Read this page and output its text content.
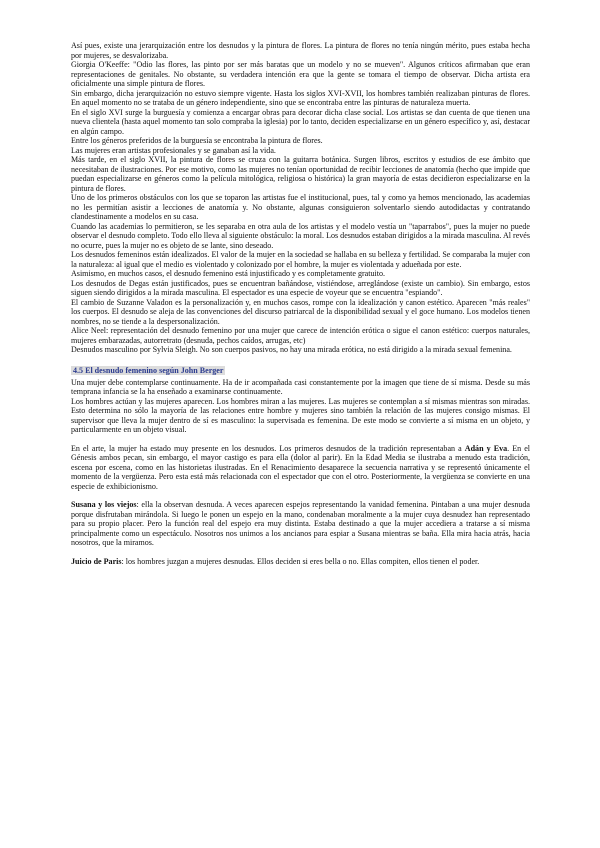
Así pues, existe una jerarquización entre los desnudos y la pintura de flores. La pintura de flores no tenía ningún mérito, pues estaba hecha por mujeres, se desvalorizaba.

Giorgia O'Keeffe: "Odio las flores, las pinto por ser más baratas que un modelo y no se mueven". Algunos críticos afirmaban que eran representaciones de genitales. No obstante, su verdadera intención era que la gente se tomara el tiempo de observar. Dicha artista era oficialmente una simple pintura de flores.

Sin embargo, dicha jerarquización no estuvo siempre vigente. Hasta los siglos XVI-XVII, los hombres también realizaban pinturas de flores. En aquel momento no se trataba de un género independiente, sino que se encontraba entre las pinturas de naturaleza muerta.

En el siglo XVI surge la burguesía y comienza a encargar obras para decorar dicha clase social. Los artistas se dan cuenta de que tienen una nueva clientela (hasta aquel momento tan solo compraba la iglesia) por lo tanto, deciden especializarse en un género específico y, así, destacar en algún campo.

Entre los géneros preferidos de la burguesía se encontraba la pintura de flores.

Las mujeres eran artistas profesionales y se ganaban así la vida.

Más tarde, en el siglo XVII, la pintura de flores se cruza con la guitarra botánica. Surgen libros, escritos y estudios de ese ámbito que necesitaban de ilustraciones. Por ese motivo, como las mujeres no tenían oportunidad de recibir lecciones de anatomía (hecho que impide que puedan especializarse en géneros como la película mitológica, religiosa o histórica) la gran mayoría de estas decidieron especializarse en la pintura de flores.

Uno de los primeros obstáculos con los que se toparon las artistas fue el institucional, pues, tal y como ya hemos mencionado, las academias no les permitían asistir a lecciones de anatomía y. No obstante, algunas consiguieron solventarlo siendo autodidactas y contratando clandestinamente a modelos en su casa.

Cuando las academias lo permitieron, se les separaba en otra aula de los artistas y el modelo vestía un "taparrabos", pues la mujer no puede observar el desnudo completo. Todo ello lleva al siguiente obstáculo: la moral. Los desnudos estaban dirigidos a la mirada masculina. Al revés no ocurre, pues la mujer no es objeto de se lante, sino deseado.

Los desnudos femeninos están idealizados. El valor de la mujer en la sociedad se hallaba en su belleza y fertilidad. Se comparaba la mujer con la naturaleza: al igual que el medio es violentado y colonizado por el hombre, la mujer es violentada y adueñada por este.

Asimismo, en muchos casos, el desnudo femenino está injustificado y es completamente gratuito.

Los desnudos de Degas están justificados, pues se encuentran bañándose, vistiéndose, arreglándose (existe un cambio). Sin embargo, estos siguen siendo dirigidos a la mirada masculina. El espectador es una especie de voyeur que se encuentra "espiando".

El cambio de Suzanne Valadon es la personalización y, en muchos casos, rompe con la idealización y canon estético. Aparecen "más reales" los cuerpos. El desnudo se aleja de las convenciones del discurso patriarcal de la disponibilidad sexual y el goce humano. Los modelos tienen nombres, no se tiende a la despersonalización.

Alice Neel: representación del desnudo femenino por una mujer que carece de intención erótica o sigue el canon estético: cuerpos naturales, mujeres embarazadas, autorretrato (desnuda, pechos caídos, arrugas, etc)

Desnudos masculino por Sylvia Sleigh. No son cuerpos pasivos, no hay una mirada erótica, no está dirigido a la mirada sexual femenina.

4.5 El desnudo femenino según John Berger

Una mujer debe contemplarse continuamente. Ha de ir acompañada casi constantemente por la imagen que tiene de sí misma. Desde su más temprana infancia se la ha enseñado a examinarse continuamente.

Los hombres actúan y las mujeres aparecen. Los hombres miran a las mujeres. Las mujeres se contemplan a sí mismas mientras son miradas. Esto determina no sólo la mayoría de las relaciones entre hombre y mujeres sino también la relación de las mujeres consigo mismas. El supervisor que lleva la mujer dentro de sí es masculino: la supervisada es femenina. De este modo se convierte a sí misma en un objeto, y particularmente en un objeto visual.

En el arte, la mujer ha estado muy presente en los desnudos. Los primeros desnudos de la tradición representaban a Adán y Eva. En el Génesis ambos pecan, sin embargo, el mayor castigo es para ella (dolor al parir). En la Edad Media se ilustraba a menudo esta tradición, escena por escena, como en las historietas ilustradas. En el Renacimiento desaparece la secuencia narrativa y se representó únicamente el momento de la vergüenza. Pero esta está más relacionada con el espectador que con el otro. Posteriormente, la vergüenza se convierte en una especie de exhibicionismo.

Susana y los viejos: ella la observan desnuda. A veces aparecen espejos representando la vanidad femenina. Pintaban a una mujer desnuda porque disfrutaban mirándola. Si luego le ponen un espejo en la mano, condenaban moralmente a la mujer cuya desnudez han representado para su propio placer. Pero la función real del espejo era muy distinta. Estaba destinado a que la mujer accediera a tratarse a sí misma principalmente como un espectáculo. Nosotros nos unimos a los ancianos para espiar a Susana mientras se baña. Ella mira hacia atrás, hacia nosotros, que la miramos.

Juicio de Paris: los hombres juzgan a mujeres desnudas. Ellos deciden si eres bella o no. Ellas compiten, ellos tienen el poder.
